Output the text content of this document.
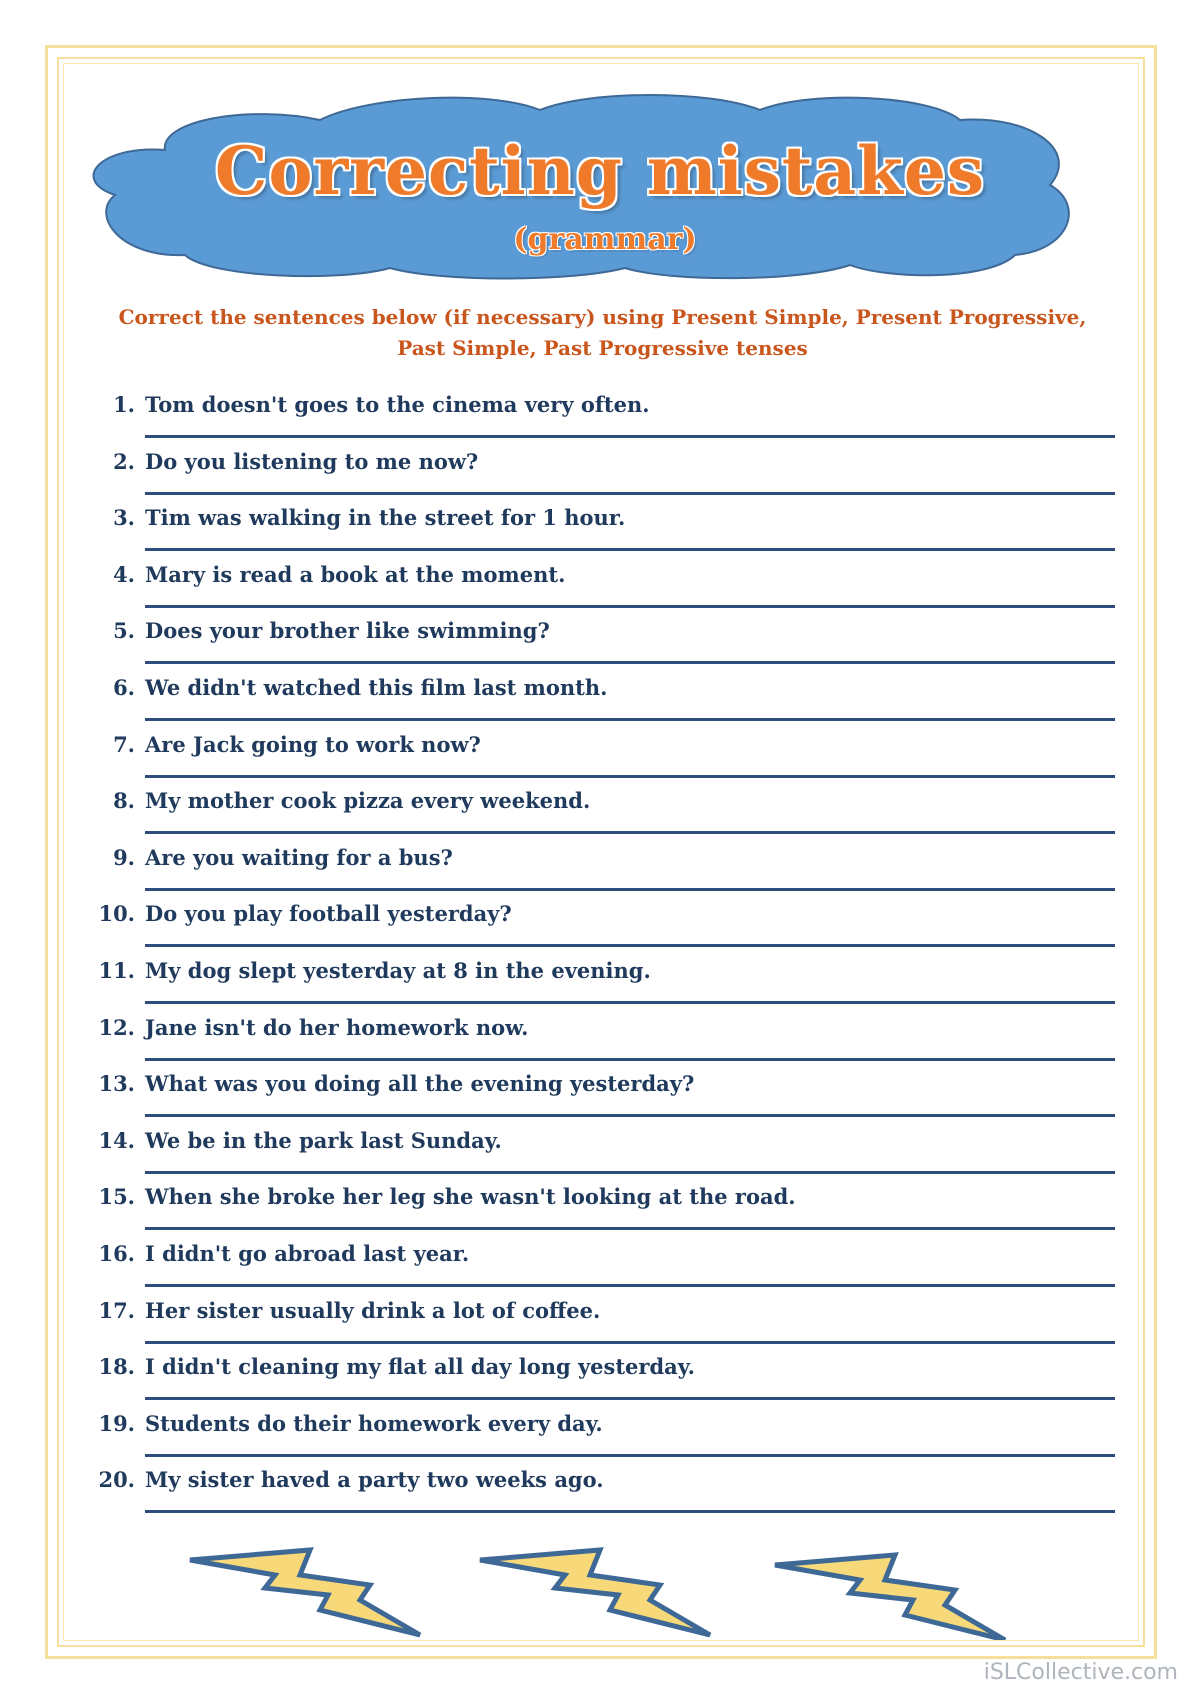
Correcting mistakes
(grammar)
Correct the sentences below (if necessary) using Present Simple, Present Progressive,
Past Simple, Past Progressive tenses
1. Tom doesn't goes to the cinema very often.
2. Do you listening to me now?
3. Tim was walking in the street for 1 hour.
4. Mary is read a book at the moment.
5. Does your brother like swimming?
6. We didn't watched this film last month.
7. Are Jack going to work now?
8. My mother cook pizza every weekend.
9. Are you waiting for a bus?
10. Do you play football yesterday?
11. My dog slept yesterday at 8 in the evening.
12. Jane isn't do her homework now.
13. What was you doing all the evening yesterday?
14. We be in the park last Sunday.
15. When she broke her leg she wasn't looking at the road.
16. I didn't go abroad last year.
17. Her sister usually drink a lot of coffee.
18. I didn't cleaning my flat all day long yesterday.
19. Students do their homework every day.
20. My sister haved a party two weeks ago.
iSLCollective.com
